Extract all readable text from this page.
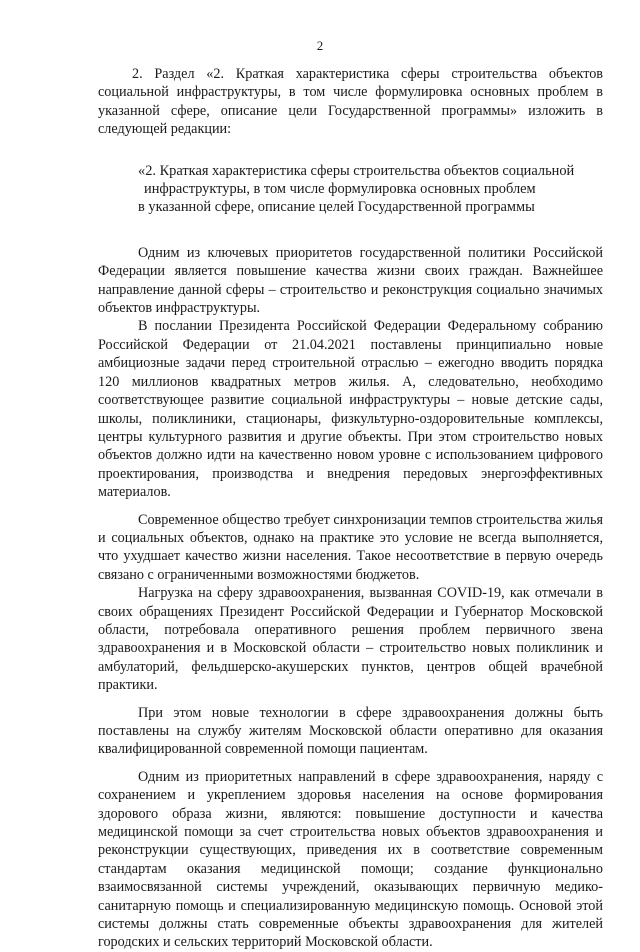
2

2. Раздел «2. Краткая характеристика сферы строительства объектов социальной инфраструктуры, в том числе формулировка основных проблем в указанной сфере, описание цели Государственной программы» изложить в следующей редакции:

«2. Краткая характеристика сферы строительства объектов социальной
инфраструктуры, в том числе формулировка основных проблем
в указанной сфере, описание целей Государственной программы

Одним из ключевых приоритетов государственной политики Российской Федерации является повышение качества жизни своих граждан. Важнейшее направление данной сферы – строительство и реконструкция социально значимых объектов инфраструктуры.

В послании Президента Российской Федерации Федеральному собранию Российской Федерации от 21.04.2021 поставлены принципиально новые амбициозные задачи перед строительной отраслью – ежегодно вводить порядка 120 миллионов квадратных метров жилья. А, следовательно, необходимо соответствующее развитие социальной инфраструктуры – новые детские сады, школы, поликлиники, стационары, физкультурно-оздоровительные комплексы, центры культурного развития и другие объекты. При этом строительство новых объектов должно идти на качественно новом уровне с использованием цифрового проектирования, производства и внедрения передовых энергоэффективных материалов.

Современное общество требует синхронизации темпов строительства жилья и социальных объектов, однако на практике это условие не всегда выполняется, что ухудшает качество жизни населения. Такое несоответствие в первую очередь связано с ограниченными возможностями бюджетов.

Нагрузка на сферу здравоохранения, вызванная COVID-19, как отмечали в своих обращениях Президент Российской Федерации и Губернатор Московской области, потребовала оперативного решения проблем первичного звена здравоохранения и в Московской области – строительство новых поликлиник и амбулаторий, фельдшерско-акушерских пунктов, центров общей врачебной практики.

При этом новые технологии в сфере здравоохранения должны быть поставлены на службу жителям Московской области оперативно для оказания квалифицированной современной помощи пациентам.

Одним из приоритетных направлений в сфере здравоохранения, наряду с сохранением и укреплением здоровья населения на основе формирования здорового образа жизни, являются: повышение доступности и качества медицинской помощи за счет строительства новых объектов здравоохранения и реконструкции существующих, приведения их в соответствие современным стандартам оказания медицинской помощи; создание функционально взаимосвязанной системы учреждений, оказывающих первичную медико-санитарную помощь и специализированную медицинскую помощь. Основой этой системы должны стать современные объекты здравоохранения для жителей городских и сельских территорий Московской области.
